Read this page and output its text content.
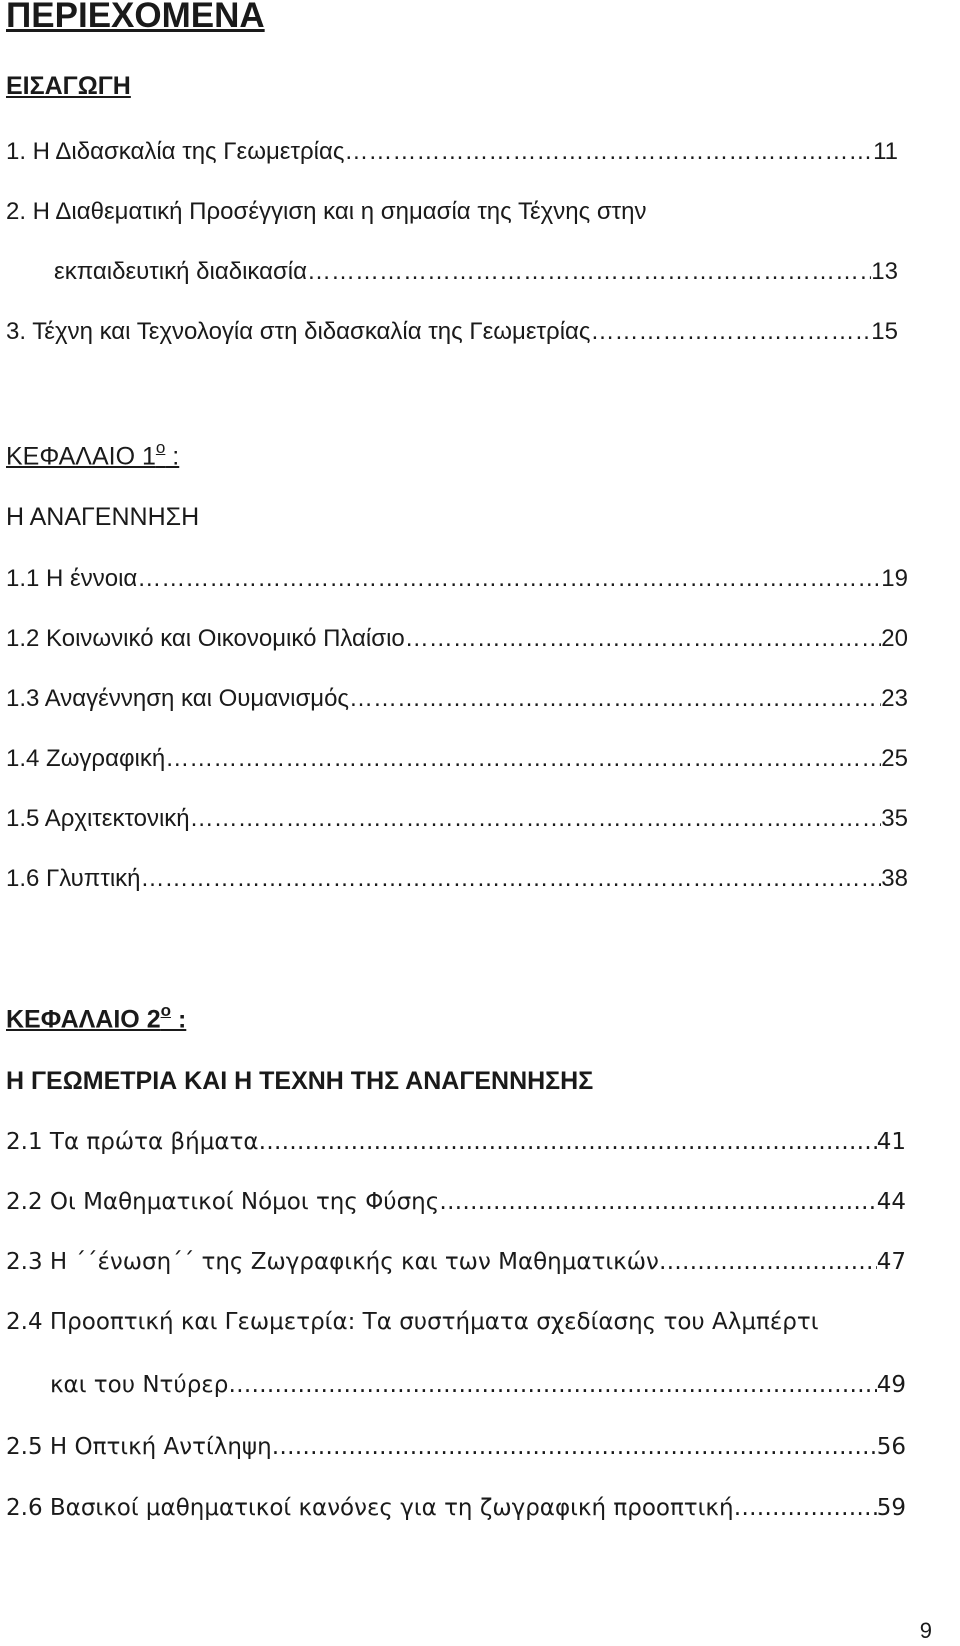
ΠΕΡΙΕΧΟΜΕΝΑ
ΕΙΣΑΓΩΓΗ
1. Η Διδασκαλία της Γεωμετρίας ……………………………………………………………………………………………………………………………………………………………………………………………	11
2. Η Διαθεματική Προσέγγιση και η σημασία της Τέχνης στην
εκπαιδευτική διαδικασία ……………………………………………………………………………………………………………………………………………………………………………………………	13
3. Τέχνη και Τεχνολογία στη διδασκαλία της Γεωμετρίας ……………………………………………………………………………………………………………………………………………………………………………………………	15
ΚΕΦΑΛΑΙΟ $1^o$ :
Η ΑΝΑΓΕΝΝΗΣΗ
1.1 Η έννοια ……………………………………………………………………………………………………………………………………………………………………………………………	19
1.2 Κοινωνικό και Οικονομικό Πλαίσιο ……………………………………………………………………………………………………………………………………………………………………………………………	20
1.3 Αναγέννηση και Ουμανισμός ……………………………………………………………………………………………………………………………………………………………………………………………	23
1.4 Ζωγραφική ……………………………………………………………………………………………………………………………………………………………………………………………	25
1.5 Αρχιτεκτονική ……………………………………………………………………………………………………………………………………………………………………………………………	35
1.6 Γλυπτική ……………………………………………………………………………………………………………………………………………………………………………………………	38
ΚΕΦΑΛΑΙΟ $2^o$ :
Η ΓΕΩΜΕΤΡΙΑ ΚΑΙ Η ΤΕΧΝΗ ΤΗΣ ΑΝΑΓΕΝΝΗΣΗΣ
2.1 Τα πρώτα βήματα ……………………………………………………………………………………………………………………………………………………………………………………………	41
2.2 Οι Μαθηματικοί Νόμοι της Φύσης ……………………………………………………………………………………………………………………………………………………………………………………………	44
2.3 Η ΄΄ένωση΄΄ της Ζωγραφικής και των Μαθηματικών ……………………………………………………………………………………………………………………………………………………………………………………………	47
2.4 Προοπτική και Γεωμετρία: Τα συστήματα σχεδίασης του Αλμπέρτι
και του Ντύρερ ……………………………………………………………………………………………………………………………………………………………………………………………	49
2.5 Η Οπτική Αντίληψη ……………………………………………………………………………………………………………………………………………………………………………………………	56
2.6 Βασικοί μαθηματικοί κανόνες για τη ζωγραφική προοπτική ……………………………………………………………………………………………………………………………………………………………………………………………	59
9
